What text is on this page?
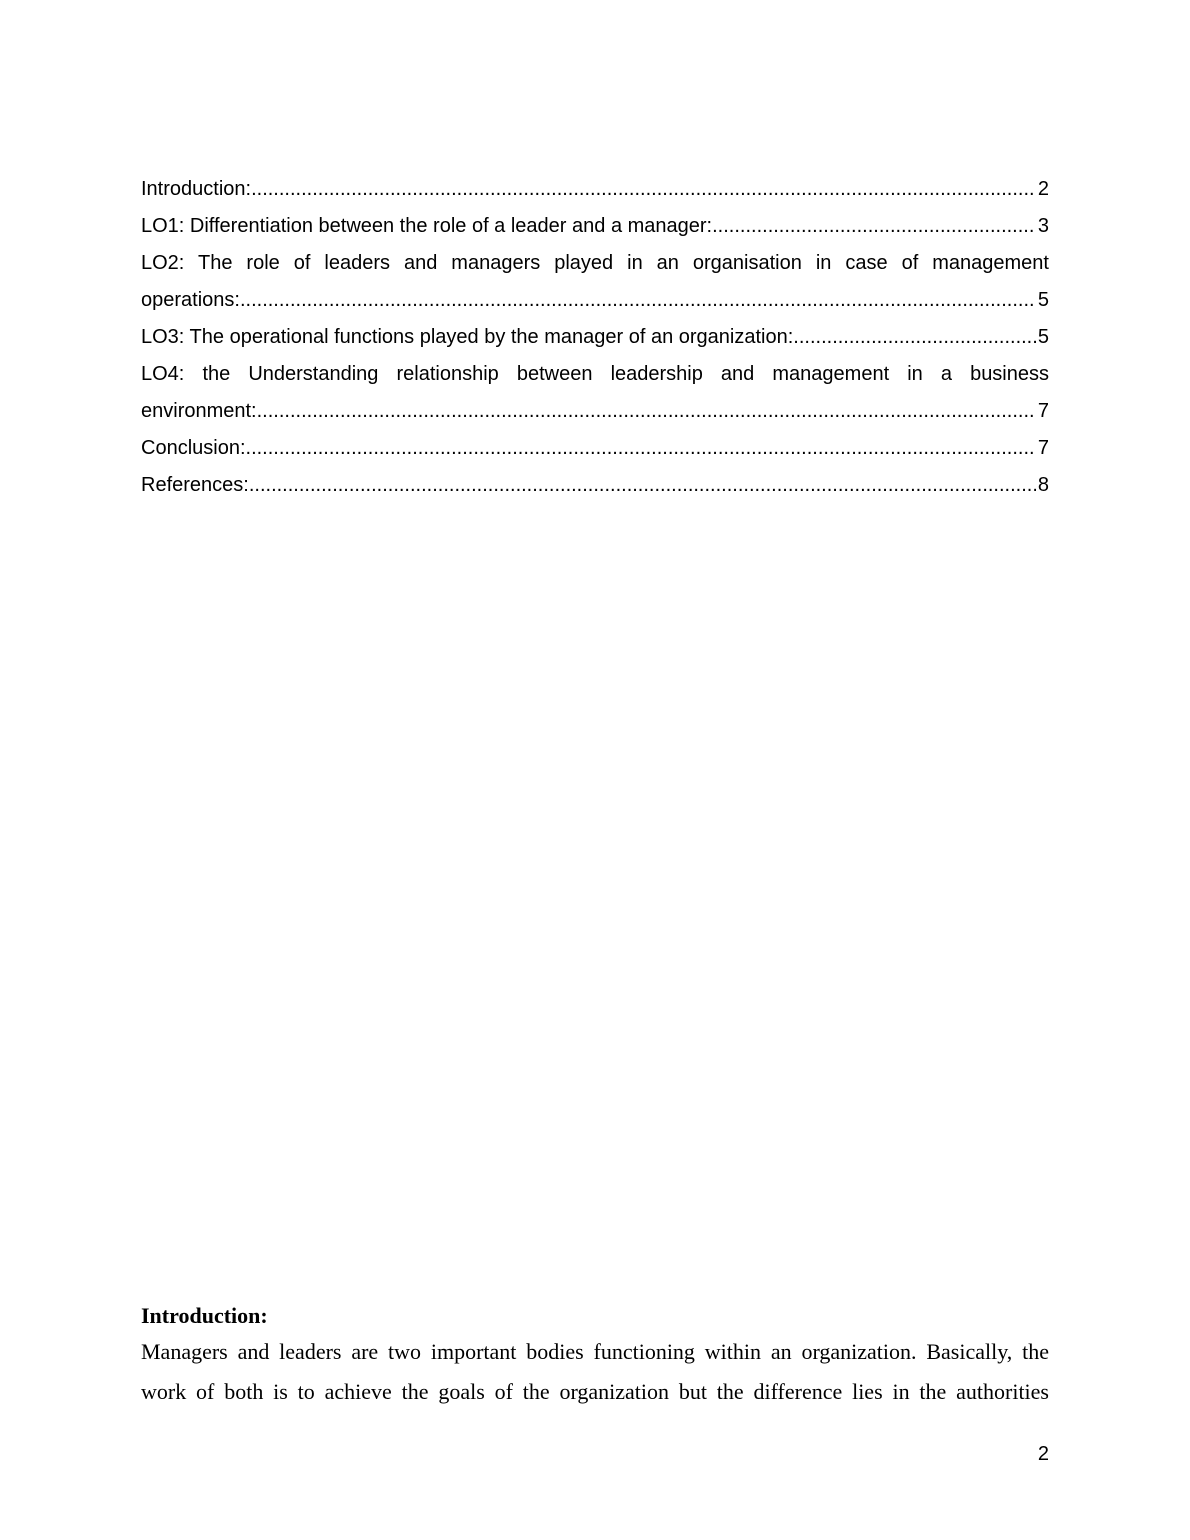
Introduction: .....	2
LO1: Differentiation between the role of a leader and a manager: .....	3
LO2: The role of leaders and managers played in an organisation in case of management
operations: .....	5
LO3: The operational functions played by the manager of an organization: .....	5
LO4: the Understanding relationship between leadership and management in a business
environment: .....	7
Conclusion: .....	7
References: .....	8
Introduction:
Managers and leaders are two important bodies functioning within an organization. Basically, the
work of both is to achieve the goals of the organization but the difference lies in the authorities
2
